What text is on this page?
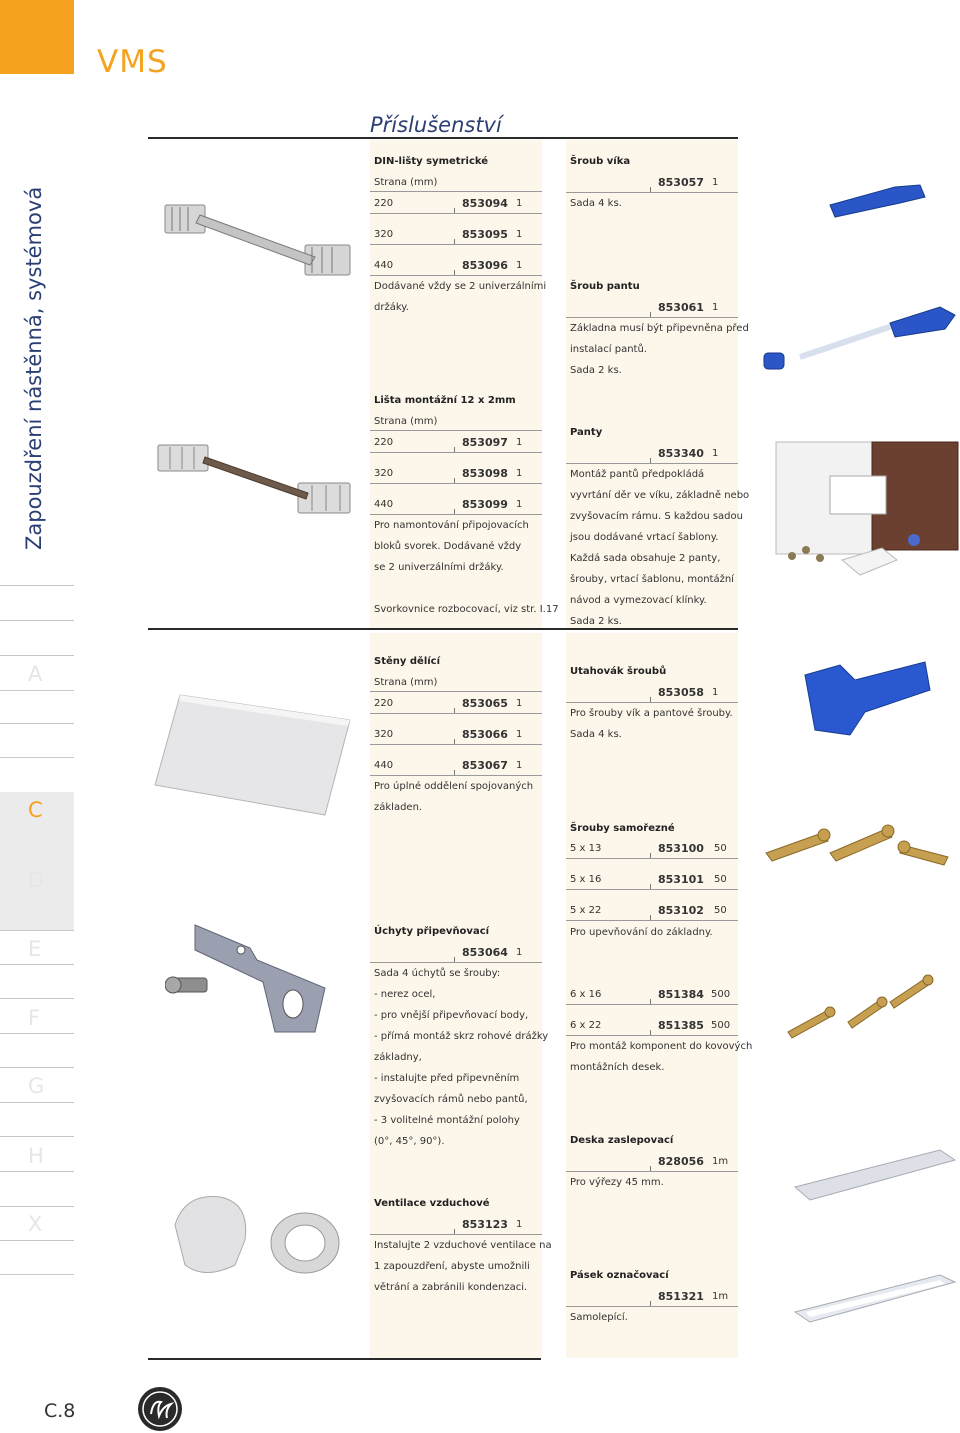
VMS
Zapouzdření nástěnná, systémová
A
C
D
E
F
G
H
X
Příslušenství
DIN-lišty symetrické
Strana (mm)
220	853094 1
320	853095 1
440	853096 1
Dodávané vždy se 2 univerzálními
držáky.
Lišta montážní 12 x 2mm
Strana (mm)
220	853097 1
320	853098 1
440	853099 1
Pro namontování připojovacích
bloků svorek. Dodávané vždy
se 2 univerzálními držáky.
Svorkovnice rozbocovací, viz str. I.17
Stěny dělící
Strana (mm)
220	853065 1
320	853066 1
440	853067 1
Pro úplné oddělení spojovaných
základen.
Úchyty připevňovací
853064 1
Sada 4 úchytů se šrouby:
- nerez ocel,
- pro vnější připevňovací body,
- přímá montáž skrz rohové drážky
základny,
- instalujte před připevněním
zvyšovacích rámů nebo pantů,
- 3 volitelné montážní polohy
(0°, 45°, 90°).
Ventilace vzduchové
853123 1
Instalujte 2 vzduchové ventilace na
1 zapouzdření, abyste umožnili
větrání a zabránili kondenzaci.
Šroub víka
853057 1
Sada 4 ks.
Šroub pantu
853061 1
Základna musí být připevněna před
instalací pantů.
Sada 2 ks.
Panty
853340 1
Montáž pantů předpokládá
vyvrtání děr ve víku, základně nebo
zvyšovacím rámu. S každou sadou
jsou dodávané vrtací šablony.
Každá sada obsahuje 2 panty,
šrouby, vrtací šablonu, montážní
návod a vymezovací klínky.
Sada 2 ks.
Utahovák šroubů
853058 1
Pro šrouby vík a pantové šrouby.
Sada 4 ks.
Šrouby samořezné
5 x 13	853100 50
5 x 16	853101 50
5 x 22	853102 50
Pro upevňování do základny.
6 x 16	851384 500
6 x 22	851385 500
Pro montáž komponent do kovových
montážních desek.
Deska zaslepovací
828056 1m
Pro výřezy 45 mm.
Pásek označovací
851321 1m
Samolepící.
C.8
